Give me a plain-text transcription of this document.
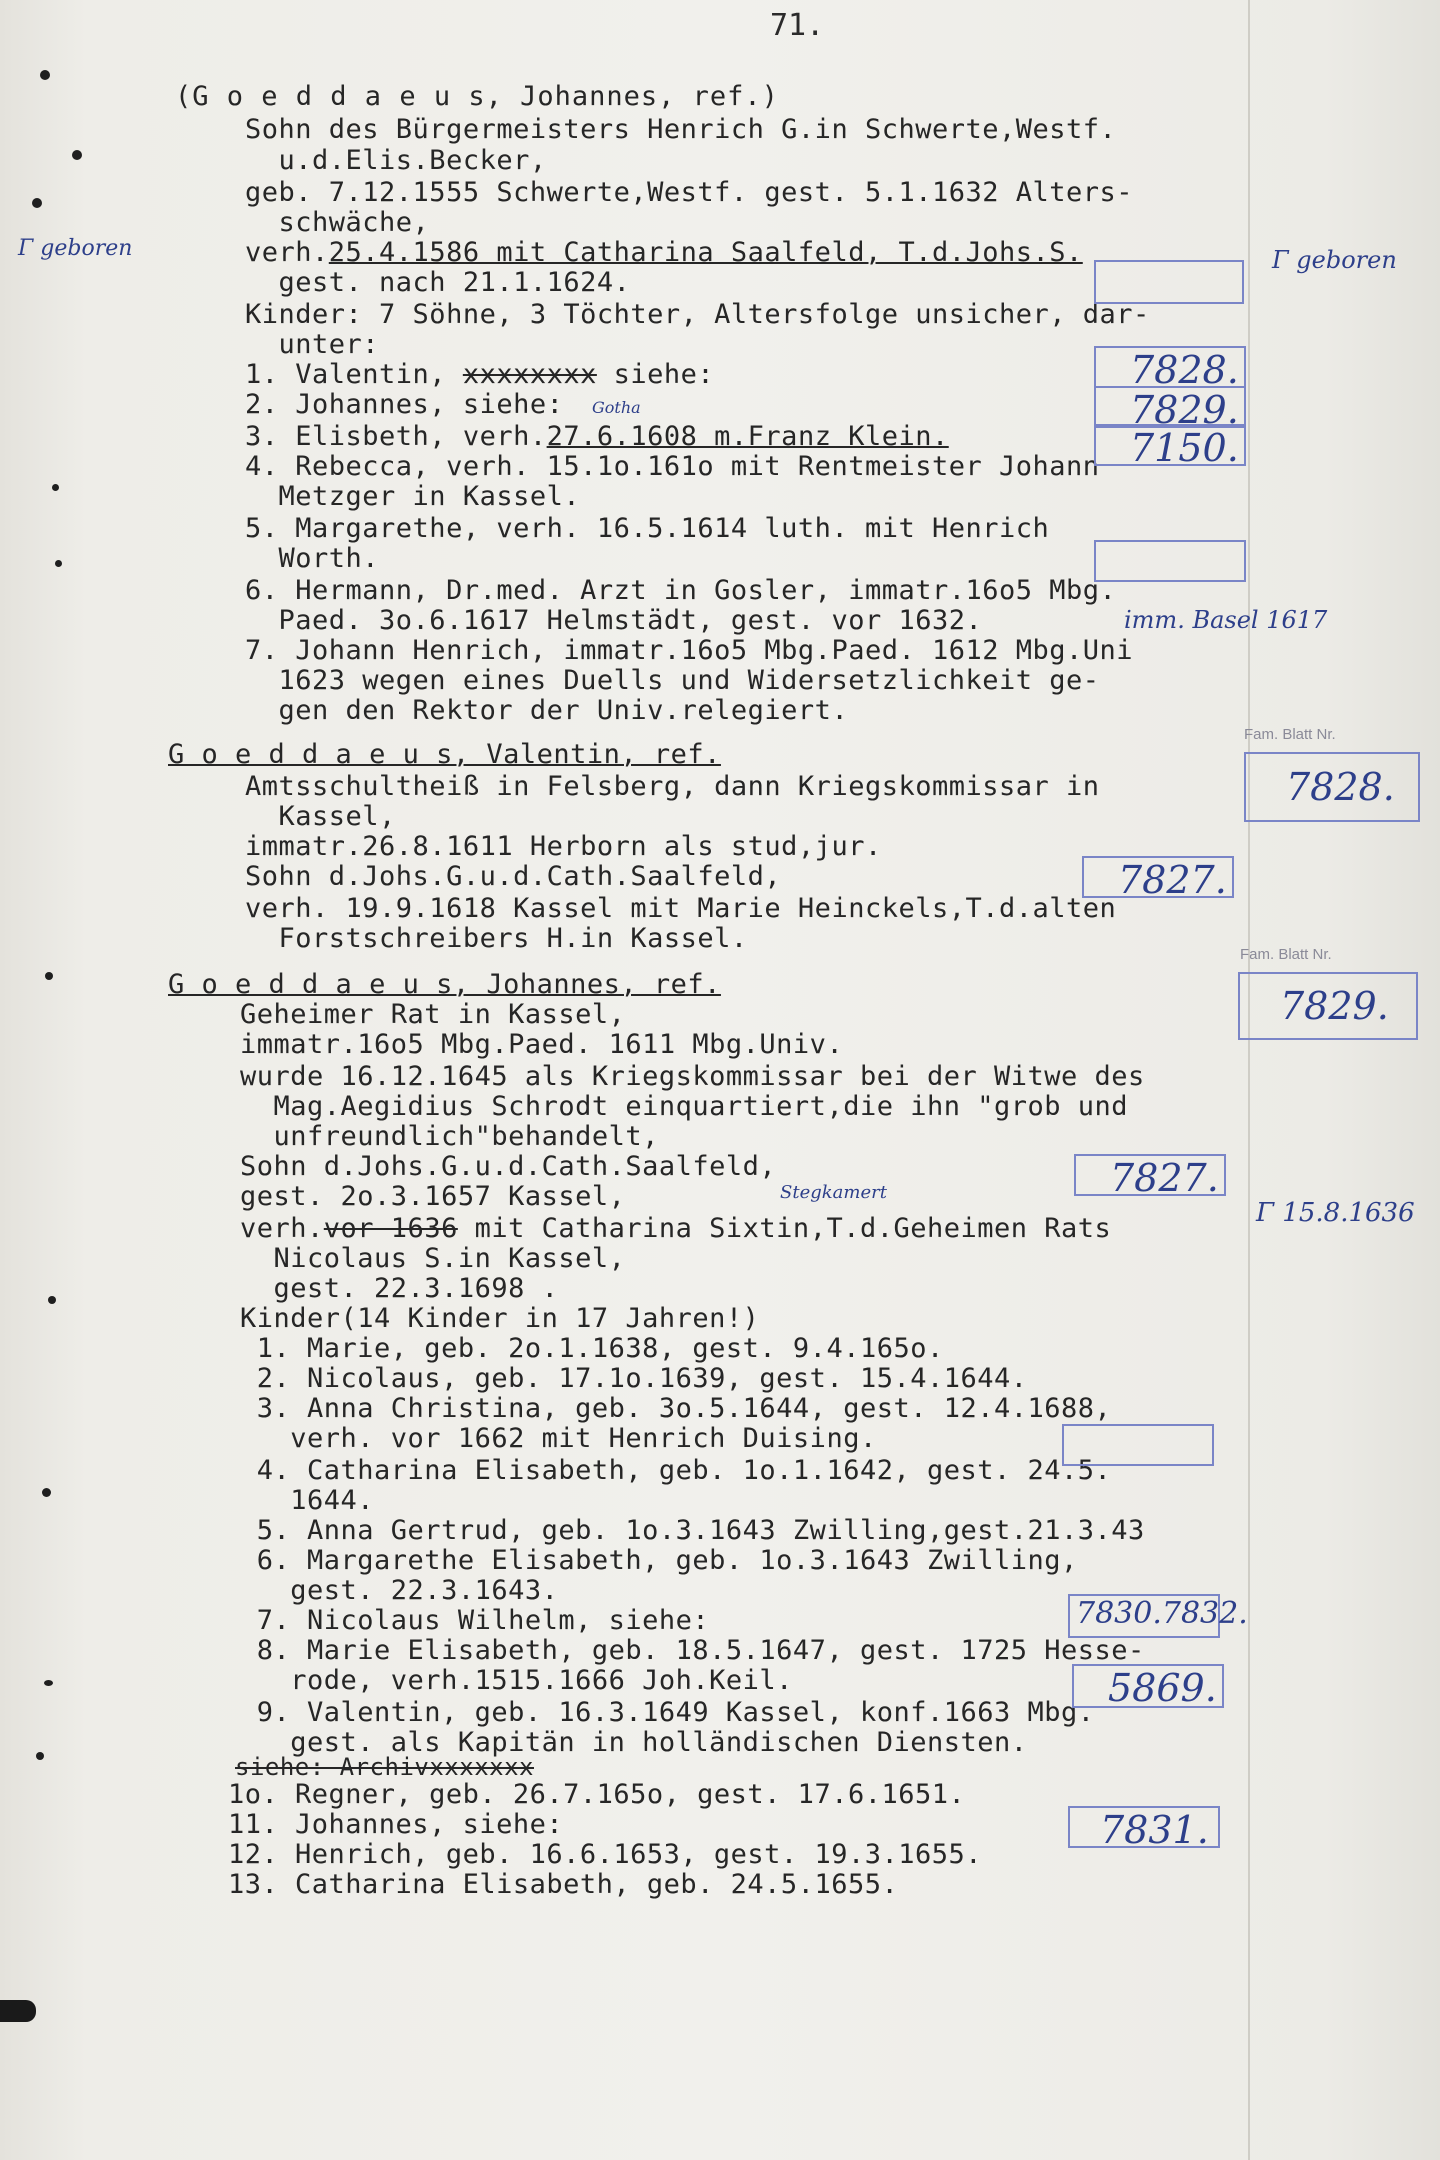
71.
(G o e d d a e u s, Johannes, ref.)
Sohn des Bürgermeisters Henrich G.in Schwerte,Westf.
u.d.Elis.Becker,
geb. 7.12.1555 Schwerte,Westf. gest. 5.1.1632 Alters-
schwäche,
verh.25.4.1586 mit Catharina Saalfeld, T.d.Johs.S.
gest. nach 21.1.1624.
Kinder: 7 Söhne, 3 Töchter, Altersfolge unsicher, dar-
unter:
1. Valentin, xxxxxxxx siehe:
2. Johannes, siehe:
3. Elisbeth, verh.27.6.1608 m.Franz Klein.
4. Rebecca, verh. 15.1o.161o mit Rentmeister Johann
Metzger in Kassel.
5. Margarethe, verh. 16.5.1614 luth. mit Henrich
Worth.
6. Hermann, Dr.med. Arzt in Gosler, immatr.16o5 Mbg.
Paed. 3o.6.1617 Helmstädt, gest. vor 1632.
7. Johann Henrich, immatr.16o5 Mbg.Paed. 1612 Mbg.Uni
1623 wegen eines Duells und Widersetzlichkeit ge-
gen den Rektor der Univ.relegiert.
G o e d d a e u s, Valentin, ref.
Amtsschultheiß in Felsberg, dann Kriegskommissar in
Kassel,
immatr.26.8.1611 Herborn als stud,jur.
Sohn d.Johs.G.u.d.Cath.Saalfeld,
verh. 19.9.1618 Kassel mit Marie Heinckels,T.d.alten
Forstschreibers H.in Kassel.
G o e d d a e u s, Johannes, ref.
Geheimer Rat in Kassel,
immatr.16o5 Mbg.Paed. 1611 Mbg.Univ.
wurde 16.12.1645 als Kriegskommissar bei der Witwe des
Mag.Aegidius Schrodt einquartiert,die ihn "grob und
unfreundlich"behandelt,
Sohn d.Johs.G.u.d.Cath.Saalfeld,
gest. 2o.3.1657 Kassel,
verh.vor 1636 mit Catharina Sixtin,T.d.Geheimen Rats
Nicolaus S.in Kassel,
gest. 22.3.1698 .
Kinder(14 Kinder in 17 Jahren!)
1. Marie, geb. 2o.1.1638, gest. 9.4.165o.
2. Nicolaus, geb. 17.1o.1639, gest. 15.4.1644.
3. Anna Christina, geb. 3o.5.1644, gest. 12.4.1688,
verh. vor 1662 mit Henrich Duising.
4. Catharina Elisabeth, geb. 1o.1.1642, gest. 24.5.
1644.
5. Anna Gertrud, geb. 1o.3.1643 Zwilling,gest.21.3.43
6. Margarethe Elisabeth, geb. 1o.3.1643 Zwilling,
gest. 22.3.1643.
7. Nicolaus Wilhelm, siehe:
8. Marie Elisabeth, geb. 18.5.1647, gest. 1725 Hesse-
rode, verh.1515.1666 Joh.Keil.
9. Valentin, geb. 16.3.1649 Kassel, konf.1663 Mbg.
gest. als Kapitän in holländischen Diensten.
siehe: Archivxxxxxxx
1o. Regner, geb. 26.7.165o, gest. 17.6.1651.
11. Johannes, siehe:
12. Henrich, geb. 16.6.1653, gest. 19.3.1655.
13. Catharina Elisabeth, geb. 24.5.1655.
Γ geboren	Γ geboren
Gotha
imm. Basel 1617
Stegkamert
Γ 15.8.1636
7828.
7829.
7150.
Fam. Blatt Nr.
7828.
7827.
Fam. Blatt Nr.
7829.
7827.
7830.7832.
5869.
7831.
